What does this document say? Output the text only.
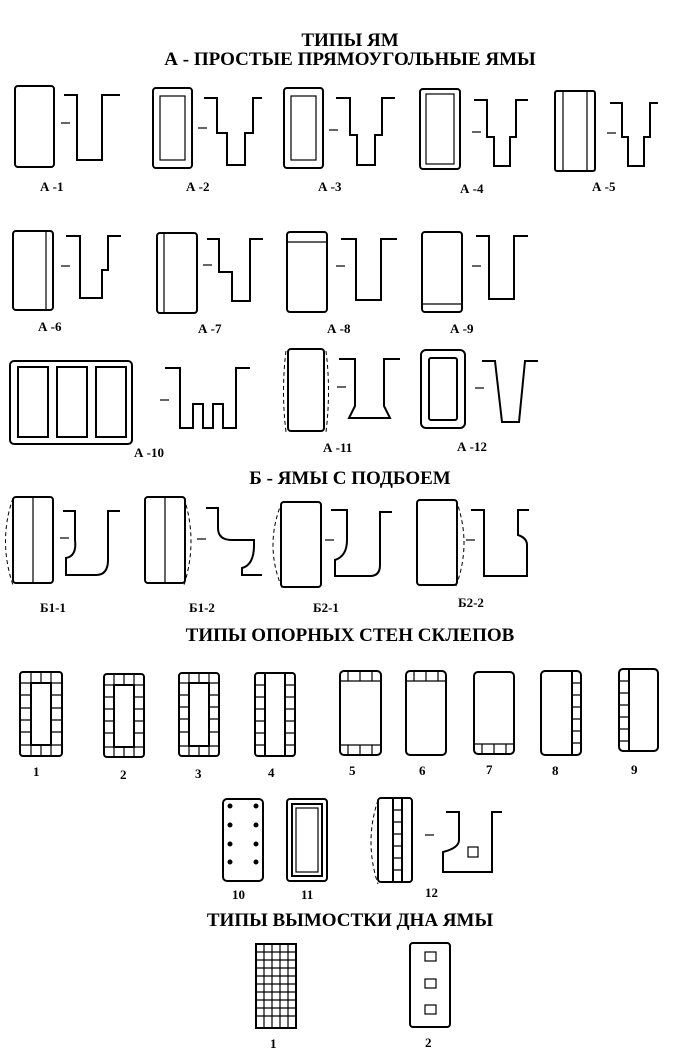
ТИПЫ ЯМ
А - ПРОСТЫЕ ПРЯМОУГОЛЬНЫЕ ЯМЫ
Б - ЯМЫ С ПОДБОЕМ
ТИПЫ ОПОРНЫХ СТЕН СКЛЕПОВ
ТИПЫ ВЫМОСТКИ ДНА ЯМЫ
А -1	А -2	А -3	А -4	А -5
А -6	А -7	А -8	А -9
А -10	А -11	А -12
Б1-1	Б1-2	Б2-1	Б2-2
1	2	3	4	5	6	7	8	9
10	11	12
1	2
